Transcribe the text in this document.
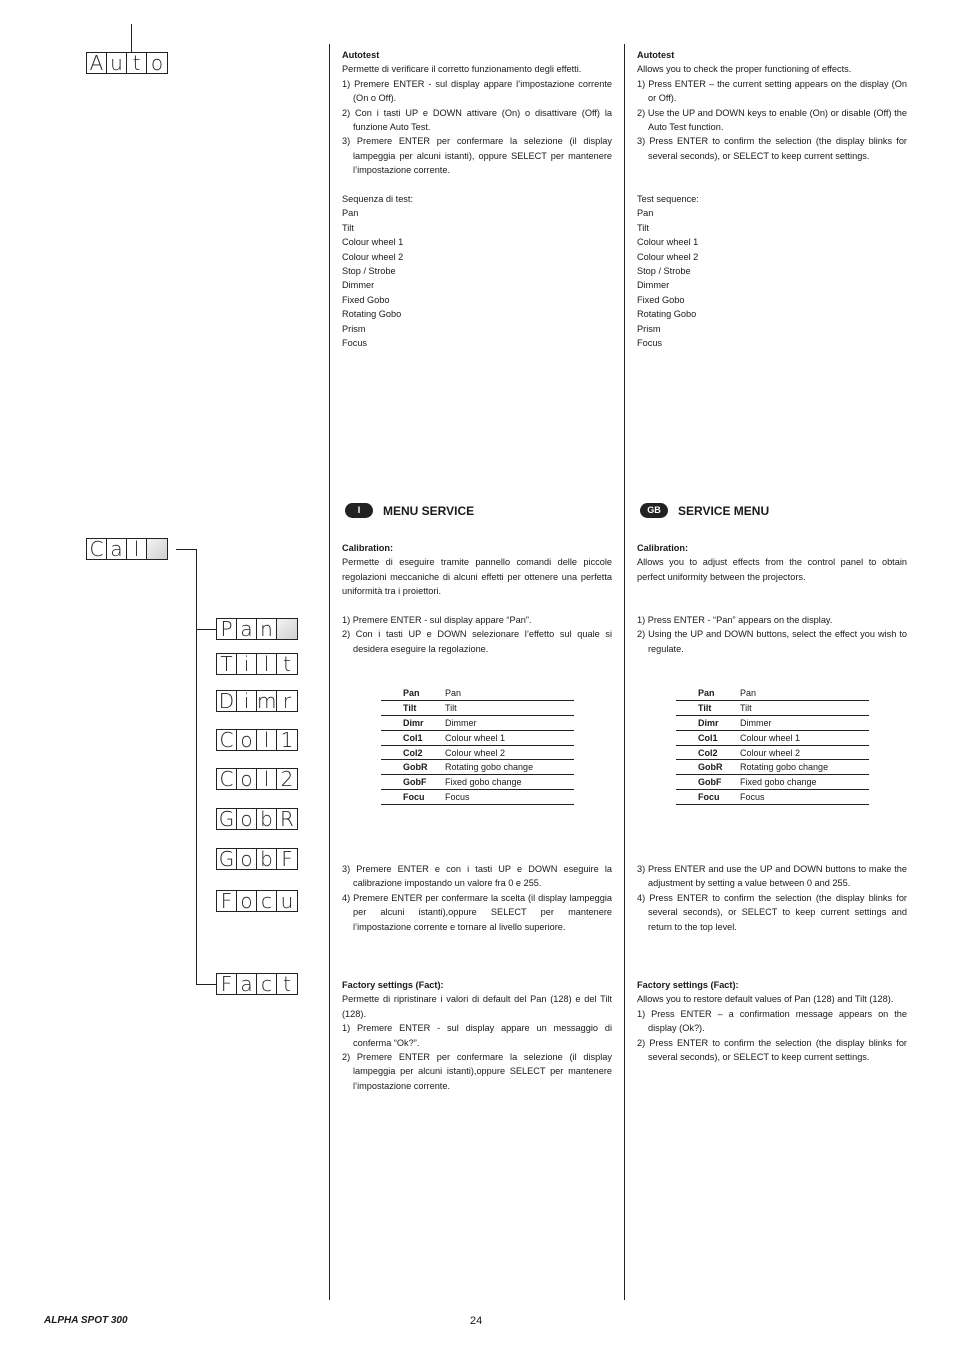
A u t o
C a l
P a n
T i l t
D i m r
C o l 1
C o l 2
G o b R
G o b F
F o c u
F a c t

Autotest

Permette di verificare il corretto funzionamento degli effetti.

1) Premere ENTER - sul display appare l’impostazione corrente (On o Off).

2) Con i tasti UP e DOWN attivare (On) o disattivare (Off) la funzione Auto Test.

3) Premere ENTER per confermare la selezione (il display lampeggia per alcuni istanti), oppure SELECT per mantenere l’impostazione corrente.

Sequenza di test:

Pan

Tilt

Colour wheel 1

Colour wheel 2

Stop / Strobe

Dimmer

Fixed Gobo

Rotating Gobo

Prism

Focus

I	MENU SERVICE

Calibration:

Permette di eseguire tramite pannello comandi delle piccole regolazioni meccaniche di alcuni effetti per ottenere una perfetta uniformità tra i proiettori.

1) Premere ENTER - sul display appare “Pan”.

2) Con i tasti UP e DOWN selezionare l’effetto sul quale si desidera eseguire la regolazione.

Pan	Pan
Tilt	Tilt
Dimr	Dimmer
Col1	Colour wheel 1
Col2	Colour wheel 2
GobR	Rotating gobo change
GobF	Fixed gobo change
Focu	Focus

3) Premere ENTER e con i tasti UP e DOWN eseguire la calibrazione impostando un valore fra 0 e 255.

4) Premere ENTER per confermare la scelta (il display lampeggia per alcuni istanti),oppure SELECT per mantenere l’impostazione corrente e tornare al livello superiore.

Factory settings (Fact):

Permette di ripristinare i valori di default del Pan (128) e del Tilt (128).

1) Premere ENTER - sul display appare un messaggio di conferma “Ok?”.

2) Premere ENTER per confermare la selezione (il display lampeggia per alcuni istanti),oppure SELECT per mantenere l’impostazione corrente.

Autotest

Allows you to check the proper functioning of effects.

1) Press ENTER – the current setting appears on the display (On or Off).

2) Use the UP and DOWN keys to enable (On) or disable (Off) the Auto Test function.

3) Press ENTER to confirm the selection (the display blinks for several seconds), or SELECT to keep current settings.

Test sequence:

Pan

Tilt

Colour wheel 1

Colour wheel 2

Stop / Strobe

Dimmer

Fixed Gobo

Rotating Gobo

Prism

Focus

GB	SERVICE MENU

Calibration:

Allows you to adjust effects from the control panel to obtain perfect uniformity between the projectors.

1) Press ENTER - “Pan” appears on the display.

2) Using the UP and DOWN buttons, select the effect you wish to regulate.

Pan	Pan
Tilt	Tilt
Dimr	Dimmer
Col1	Colour wheel 1
Col2	Colour wheel 2
GobR	Rotating gobo change
GobF	Fixed gobo change
Focu	Focus

3) Press ENTER and use the UP and DOWN buttons to make the adjustment by setting a value between 0 and 255.

4) Press ENTER to confirm the selection (the display blinks for several seconds), or SELECT to keep current settings and return to the top level.

Factory settings (Fact):

Allows you to restore default values of Pan (128) and Tilt (128).

1) Press ENTER – a confirmation message appears on the display (Ok?).

2) Press ENTER to confirm the selection (the display blinks for several seconds), or SELECT to keep current settings.

ALPHA SPOT 300	24
